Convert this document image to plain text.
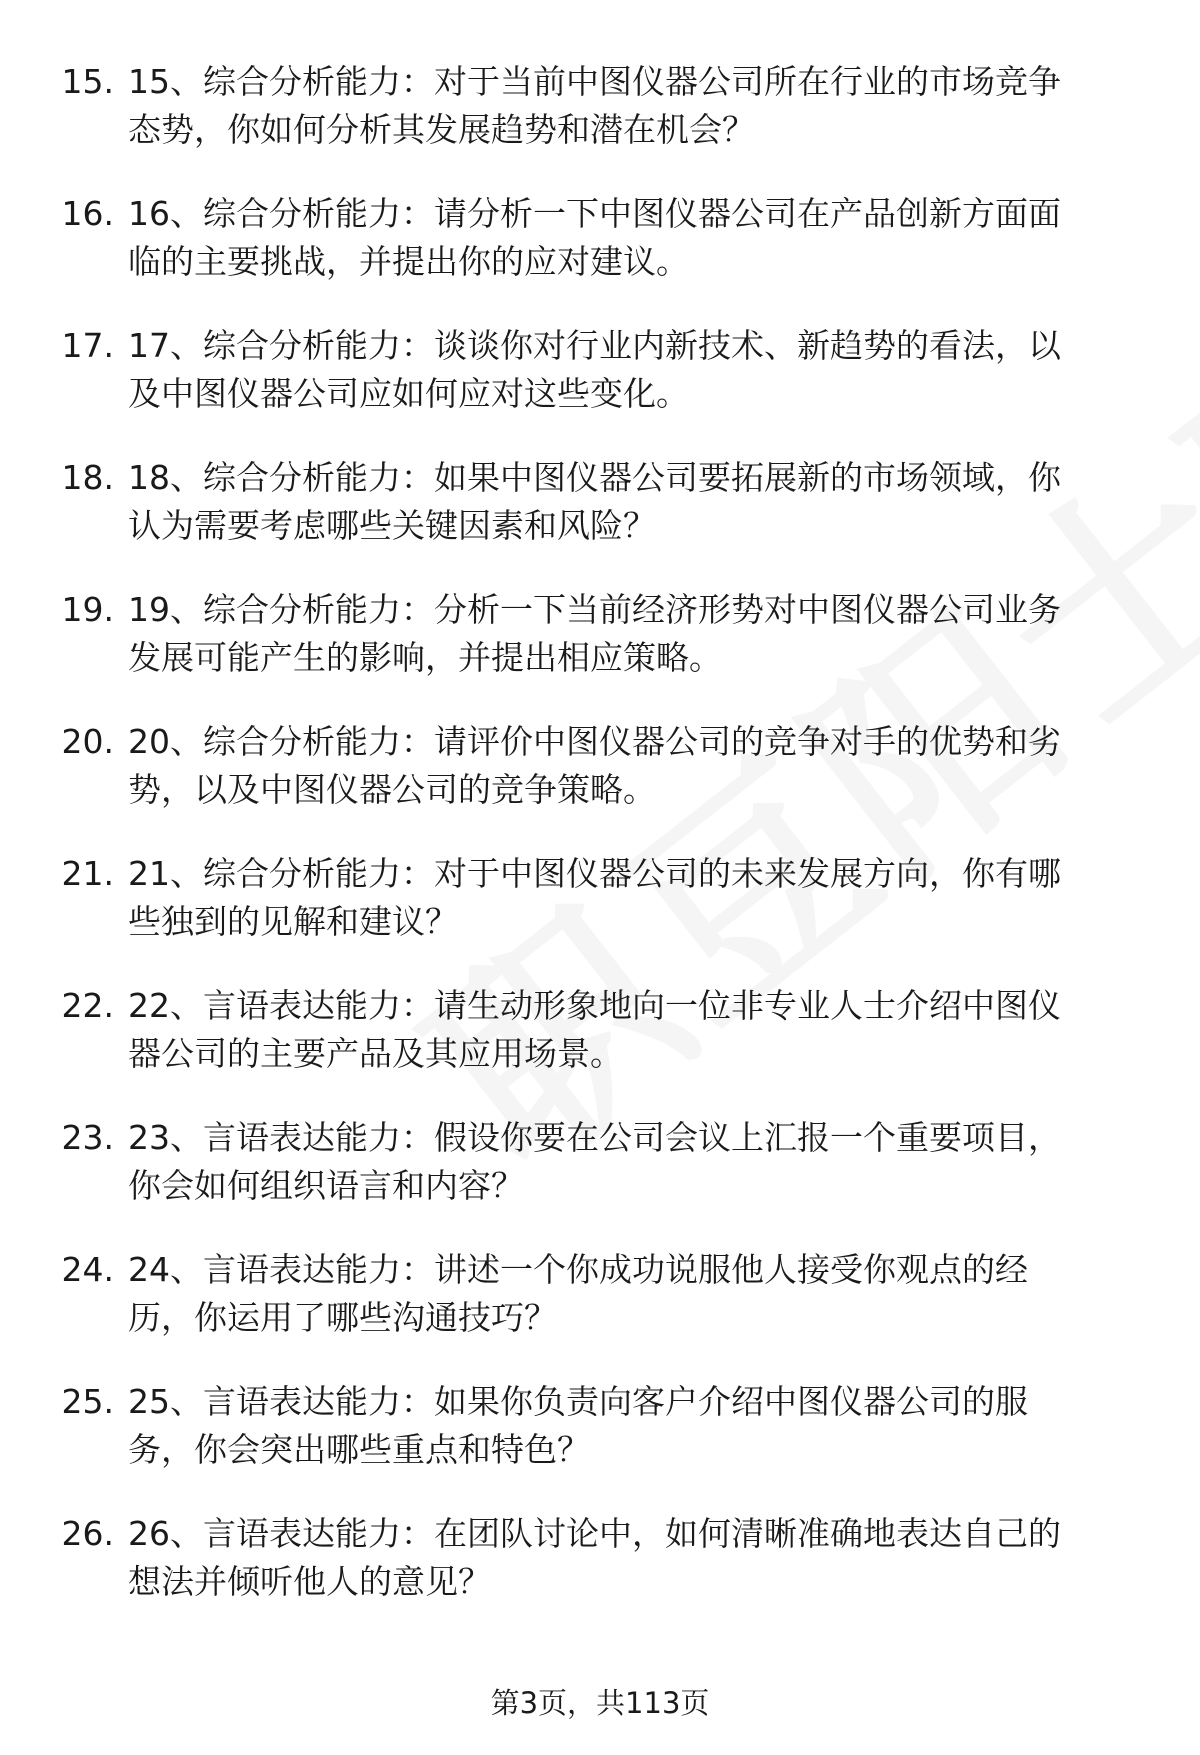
15. 15、综合分析能力：对于当前中图仪器公司所在行业的市场竞争
态势，你如何分析其发展趋势和潜在机会？
16. 16、综合分析能力：请分析一下中图仪器公司在产品创新方面面
临的主要挑战，并提出你的应对建议。
17. 17、综合分析能力：谈谈你对行业内新技术、新趋势的看法，以
及中图仪器公司应如何应对这些变化。
18. 18、综合分析能力：如果中图仪器公司要拓展新的市场领域，你
认为需要考虑哪些关键因素和风险？
19. 19、综合分析能力：分析一下当前经济形势对中图仪器公司业务
发展可能产生的影响，并提出相应策略。
20. 20、综合分析能力：请评价中图仪器公司的竞争对手的优势和劣
势，以及中图仪器公司的竞争策略。
21. 21、综合分析能力：对于中图仪器公司的未来发展方向，你有哪
些独到的见解和建议？
22. 22、言语表达能力：请生动形象地向一位非专业人士介绍中图仪
器公司的主要产品及其应用场景。
23. 23、言语表达能力：假设你要在公司会议上汇报一个重要项目，
你会如何组织语言和内容？
24. 24、言语表达能力：讲述一个你成功说服他人接受你观点的经
历，你运用了哪些沟通技巧？
25. 25、言语表达能力：如果你负责向客户介绍中图仪器公司的服
务，你会突出哪些重点和特色？
26. 26、言语表达能力：在团队讨论中，如何清晰准确地表达自己的
想法并倾听他人的意见？
第3页，共113页
